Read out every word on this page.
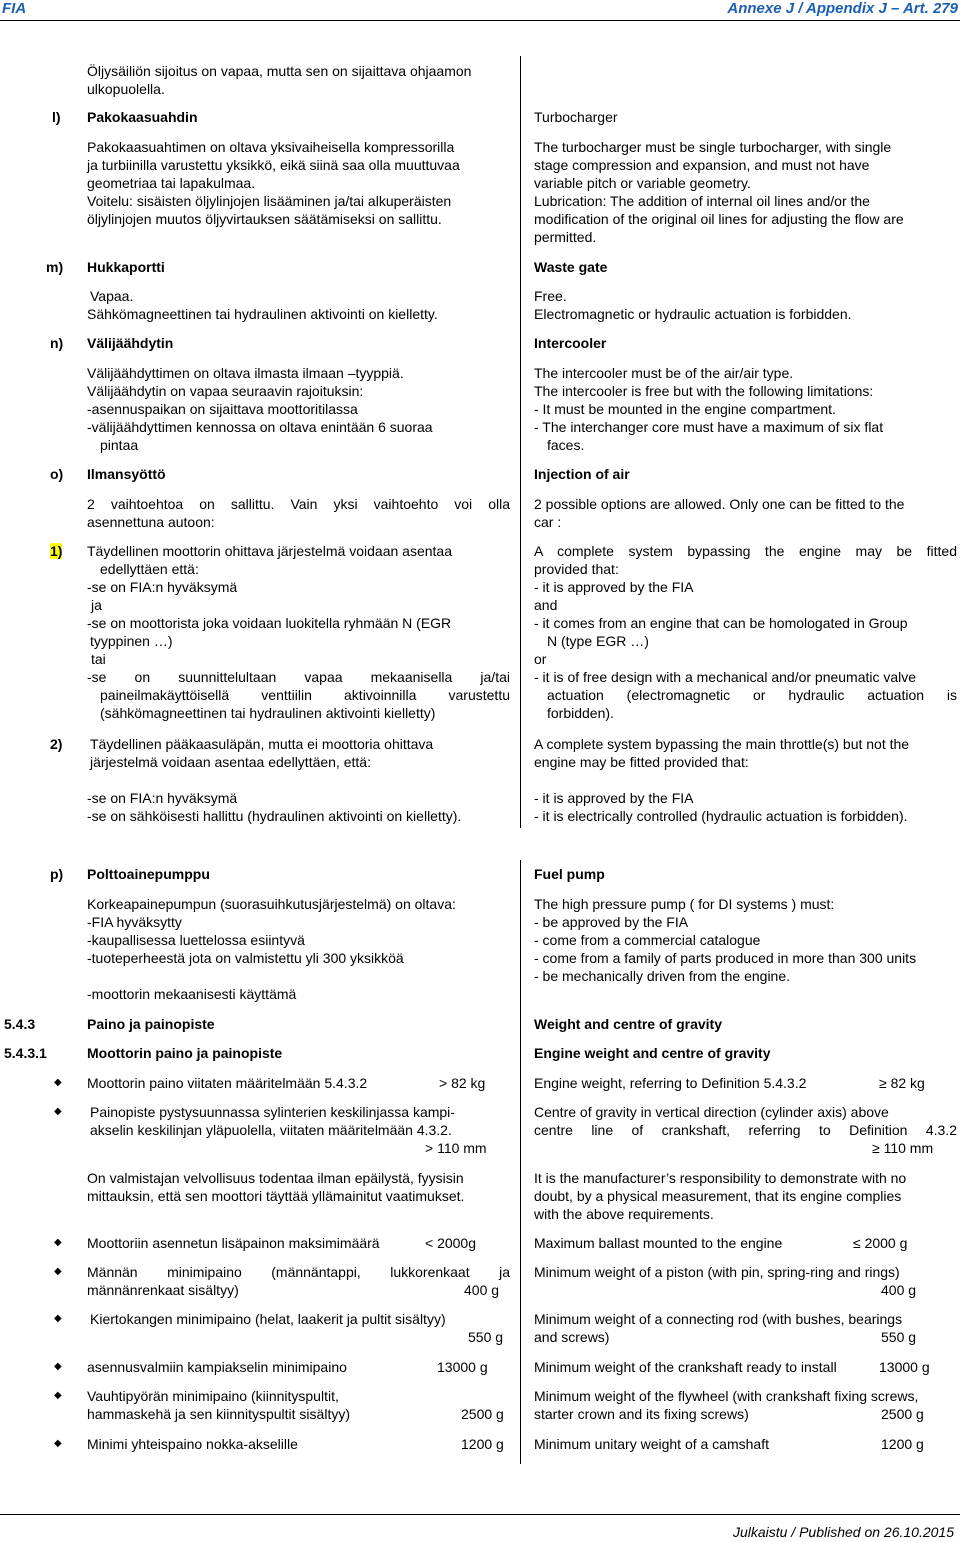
FIA	Annexe J / Appendix J – Art. 279
Öljysäiliön sijoitus on vapaa, mutta sen on sijaittava ohjaamon
ulkopuolella.
l) Pakokaasuahdin
Pakokaasuahtimen on oltava yksivaiheisella kompressorilla
ja turbiinilla varustettu yksikkö, eikä siinä saa olla muuttuvaa
geometriaa tai lapakulmaa.
Voitelu: sisäisten öljylinjojen lisääminen ja/tai alkuperäisten
öljylinjojen muutos öljyvirtauksen säätämiseksi on sallittu.
Turbocharger
The turbocharger must be single turbocharger, with single
stage compression and expansion, and must not have
variable pitch or variable geometry.
Lubrication: The addition of internal oil lines and/or the
modification of the original oil lines for adjusting the flow are
permitted.
m) Hukkaportti
Vapaa.
Sähkömagneettinen tai hydraulinen aktivointi on kielletty.
Waste gate
Free.
Electromagnetic or hydraulic actuation is forbidden.
n) Välijäähdytin
Välijäähdyttimen on oltava ilmasta ilmaan –tyyppiä.
Välijäähdytin on vapaa seuraavin rajoituksin:
-asennuspaikan on sijaittava moottoritilassa
-välijäähdyttimen kennossa on oltava enintään 6 suoraa
pintaa
Intercooler
The intercooler must be of the air/air type.
The intercooler is free but with the following limitations:
- It must be mounted in the engine compartment.
- The interchanger core must have a maximum of six flat
faces.
o) Ilmansyöttö
2 vaihtoehtoa on sallittu. Vain yksi vaihtoehto voi olla
asennettuna autoon:
Injection of air
2 possible options are allowed. Only one can be fitted to the
car :
1) Täydellinen moottorin ohittava järjestelmä voidaan asentaa
edellyttäen että:
-se on FIA:n hyväksymä
ja
-se on moottorista joka voidaan luokitella ryhmään N (EGR
tyyppinen …)
tai
-se on suunnittelultaan vapaa mekaanisella ja/tai
paineilmakäyttöisellä venttiilin aktivoinnilla varustettu
(sähkömagneettinen tai hydraulinen aktivointi kielletty)
A complete system bypassing the engine may be fitted
provided that:
- it is approved by the FIA
and
- it comes from an engine that can be homologated in Group
N (type EGR …)
or
- it is of free design with a mechanical and/or pneumatic valve
actuation (electromagnetic or hydraulic actuation is
forbidden).
2) Täydellinen pääkaasuläpän, mutta ei moottoria ohittava
järjestelmä voidaan asentaa edellyttäen, että:
-se on FIA:n hyväksymä
-se on sähköisesti hallittu (hydraulinen aktivointi on kielletty).
A complete system bypassing the main throttle(s) but not the
engine may be fitted provided that:
- it is approved by the FIA
- it is electrically controlled (hydraulic actuation is forbidden).
p) Polttoainepumppu
Korkeapainepumpun (suorasuihkutusjärjestelmä) on oltava:
-FIA hyväksytty
-kaupallisessa luettelossa esiintyvä
-tuoteperheestä jota on valmistettu yli 300 yksikköä
-moottorin mekaanisesti käyttämä
Fuel pump
The high pressure pump ( for DI systems ) must:
- be approved by the FIA
- come from a commercial catalogue
- come from a family of parts produced in more than 300 units
- be mechanically driven from the engine.
5.4.3	Paino ja painopiste	Weight and centre of gravity
5.4.3.1	Moottorin paino ja painopiste	Engine weight and centre of gravity
◆ Moottorin paino viitaten määritelmään 5.4.3.2	> 82 kg	Engine weight, referring to Definition 5.4.3.2	≥ 82 kg
◆ Painopiste pystysuunnassa sylinterien keskilinjassa kampi-
akselin keskilinjan yläpuolella, viitaten määritelmään 4.3.2.
> 110 mm
Centre of gravity in vertical direction (cylinder axis) above
centre line of crankshaft, referring to Definition 4.3.2
≥ 110 mm
On valmistajan velvollisuus todentaa ilman epäilystä, fyysisin
mittauksin, että sen moottori täyttää yllämainitut vaatimukset.
It is the manufacturer’s responsibility to demonstrate with no
doubt, by a physical measurement, that its engine complies
with the above requirements.
◆ Moottoriin asennetun lisäpainon maksimimäärä	< 2000g	Maximum ballast mounted to the engine	≤ 2000 g
◆ Männän minimipaino (männäntappi, lukkorenkaat ja
männänrenkaat sisältyy)	400 g
Minimum weight of a piston (with pin, spring-ring and rings)
400 g
◆ Kiertokangen minimipaino (helat, laakerit ja pultit sisältyy)
550 g
Minimum weight of a connecting rod (with bushes, bearings
and screws)	550 g
◆ asennusvalmiin kampiakselin minimipaino	13000 g	Minimum weight of the crankshaft ready to install	13000 g
◆ Vauhtipyörän minimipaino (kiinnityspultit,
hammaskehä ja sen kiinnityspultit sisältyy)	2500 g
Minimum weight of the flywheel (with crankshaft fixing screws,
starter crown and its fixing screws)	2500 g
◆ Minimi yhteispaino nokka-akselille	1200 g Minimum unitary weight of a camshaft	1200 g
Julkaistu / Published on 26.10.2015
